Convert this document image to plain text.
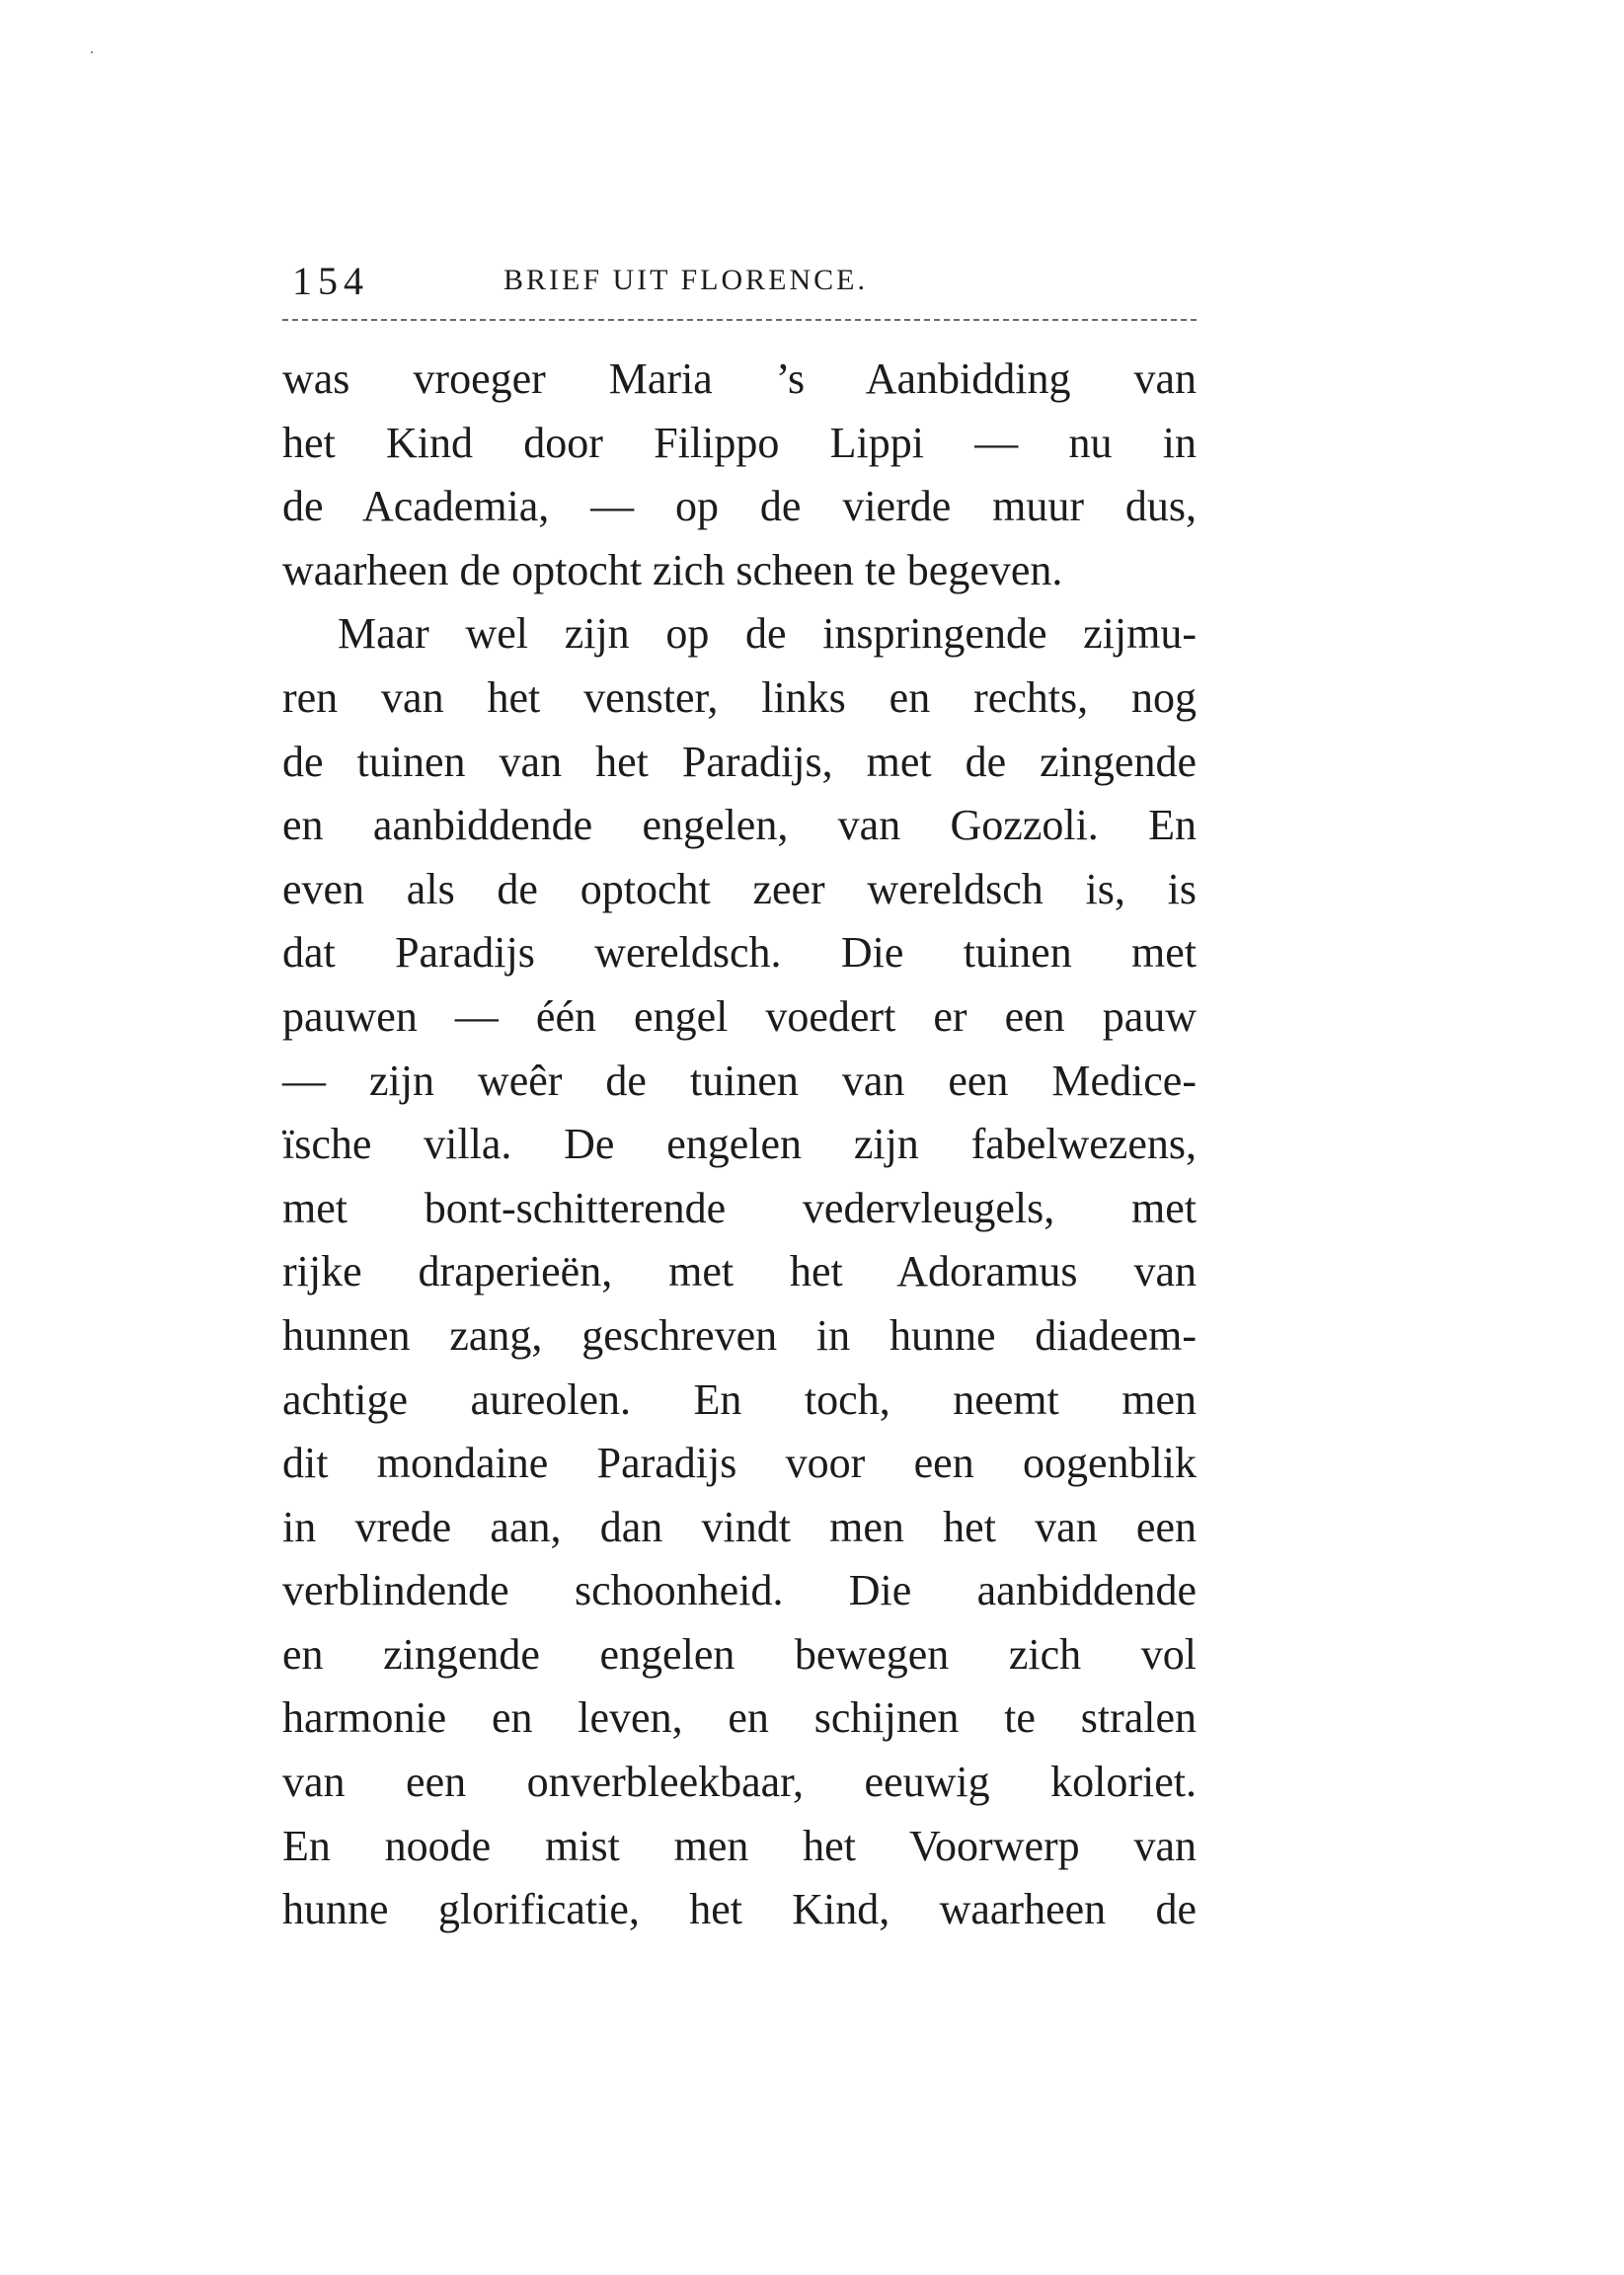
154	BRIEF UIT FLORENCE.
was vroeger Maria ’s Aanbidding van
het Kind door Filippo Lippi — nu in
de Academia, — op de vierde muur dus,
waarheen de optocht zich scheen te begeven.
Maar wel zijn op de inspringende zijmu-
ren van het venster, links en rechts, nog
de tuinen van het Paradijs, met de zingende
en aanbiddende engelen, van Gozzoli. En
even als de optocht zeer wereldsch is, is
dat Paradijs wereldsch. Die tuinen met
pauwen — één engel voedert er een pauw
— zijn weêr de tuinen van een Medice-
ïsche villa. De engelen zijn fabelwezens,
met bont-schitterende vedervleugels, met
rijke draperieën, met het Adoramus van
hunnen zang, geschreven in hunne diadeem-
achtige aureolen. En toch, neemt men
dit mondaine Paradijs voor een oogenblik
in vrede aan, dan vindt men het van een
verblindende schoonheid. Die aanbiddende
en zingende engelen bewegen zich vol
harmonie en leven, en schijnen te stralen
van een onverbleekbaar, eeuwig koloriet.
En noode mist men het Voorwerp van
hunne glorificatie, het Kind, waarheen de
